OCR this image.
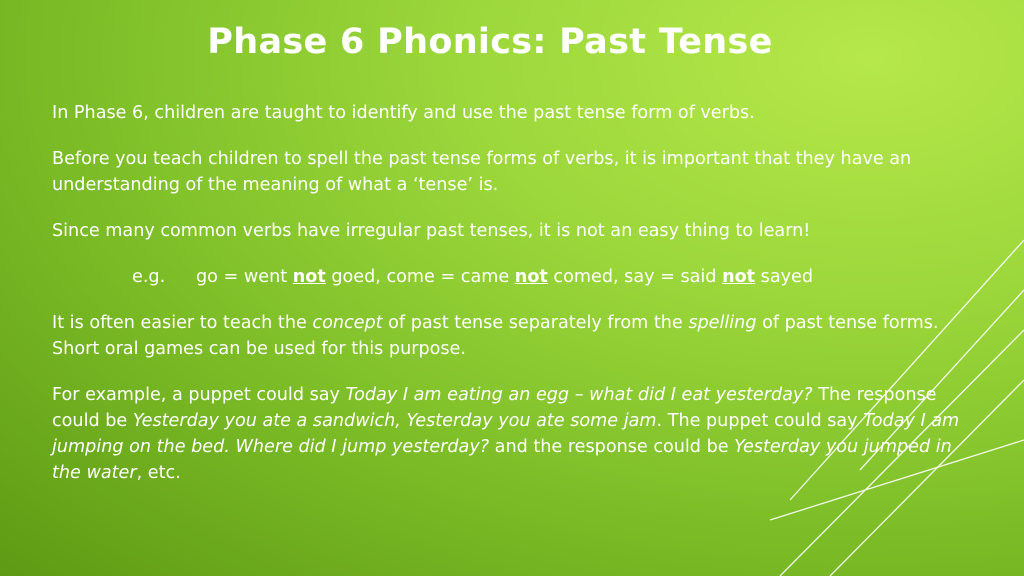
Phase 6 Phonics: Past Tense

In Phase 6, children are taught to identify and use the past tense form of verbs.

Before you teach children to spell the past tense forms of verbs, it is important that they have an understanding of the meaning of what a ‘tense’ is.

Since many common verbs have irregular past tenses, it is not an easy thing to learn!

e.g. go = went not goed, come = came not comed, say = said not sayed

It is often easier to teach the concept of past tense separately from the spelling of past tense forms. Short oral games can be used for this purpose.

For example, a puppet could say Today I am eating an egg – what did I eat yesterday? The response could be Yesterday you ate a sandwich, Yesterday you ate some jam. The puppet could say Today I am jumping on the bed. Where did I jump yesterday? and the response could be Yesterday you jumped in the water, etc.
